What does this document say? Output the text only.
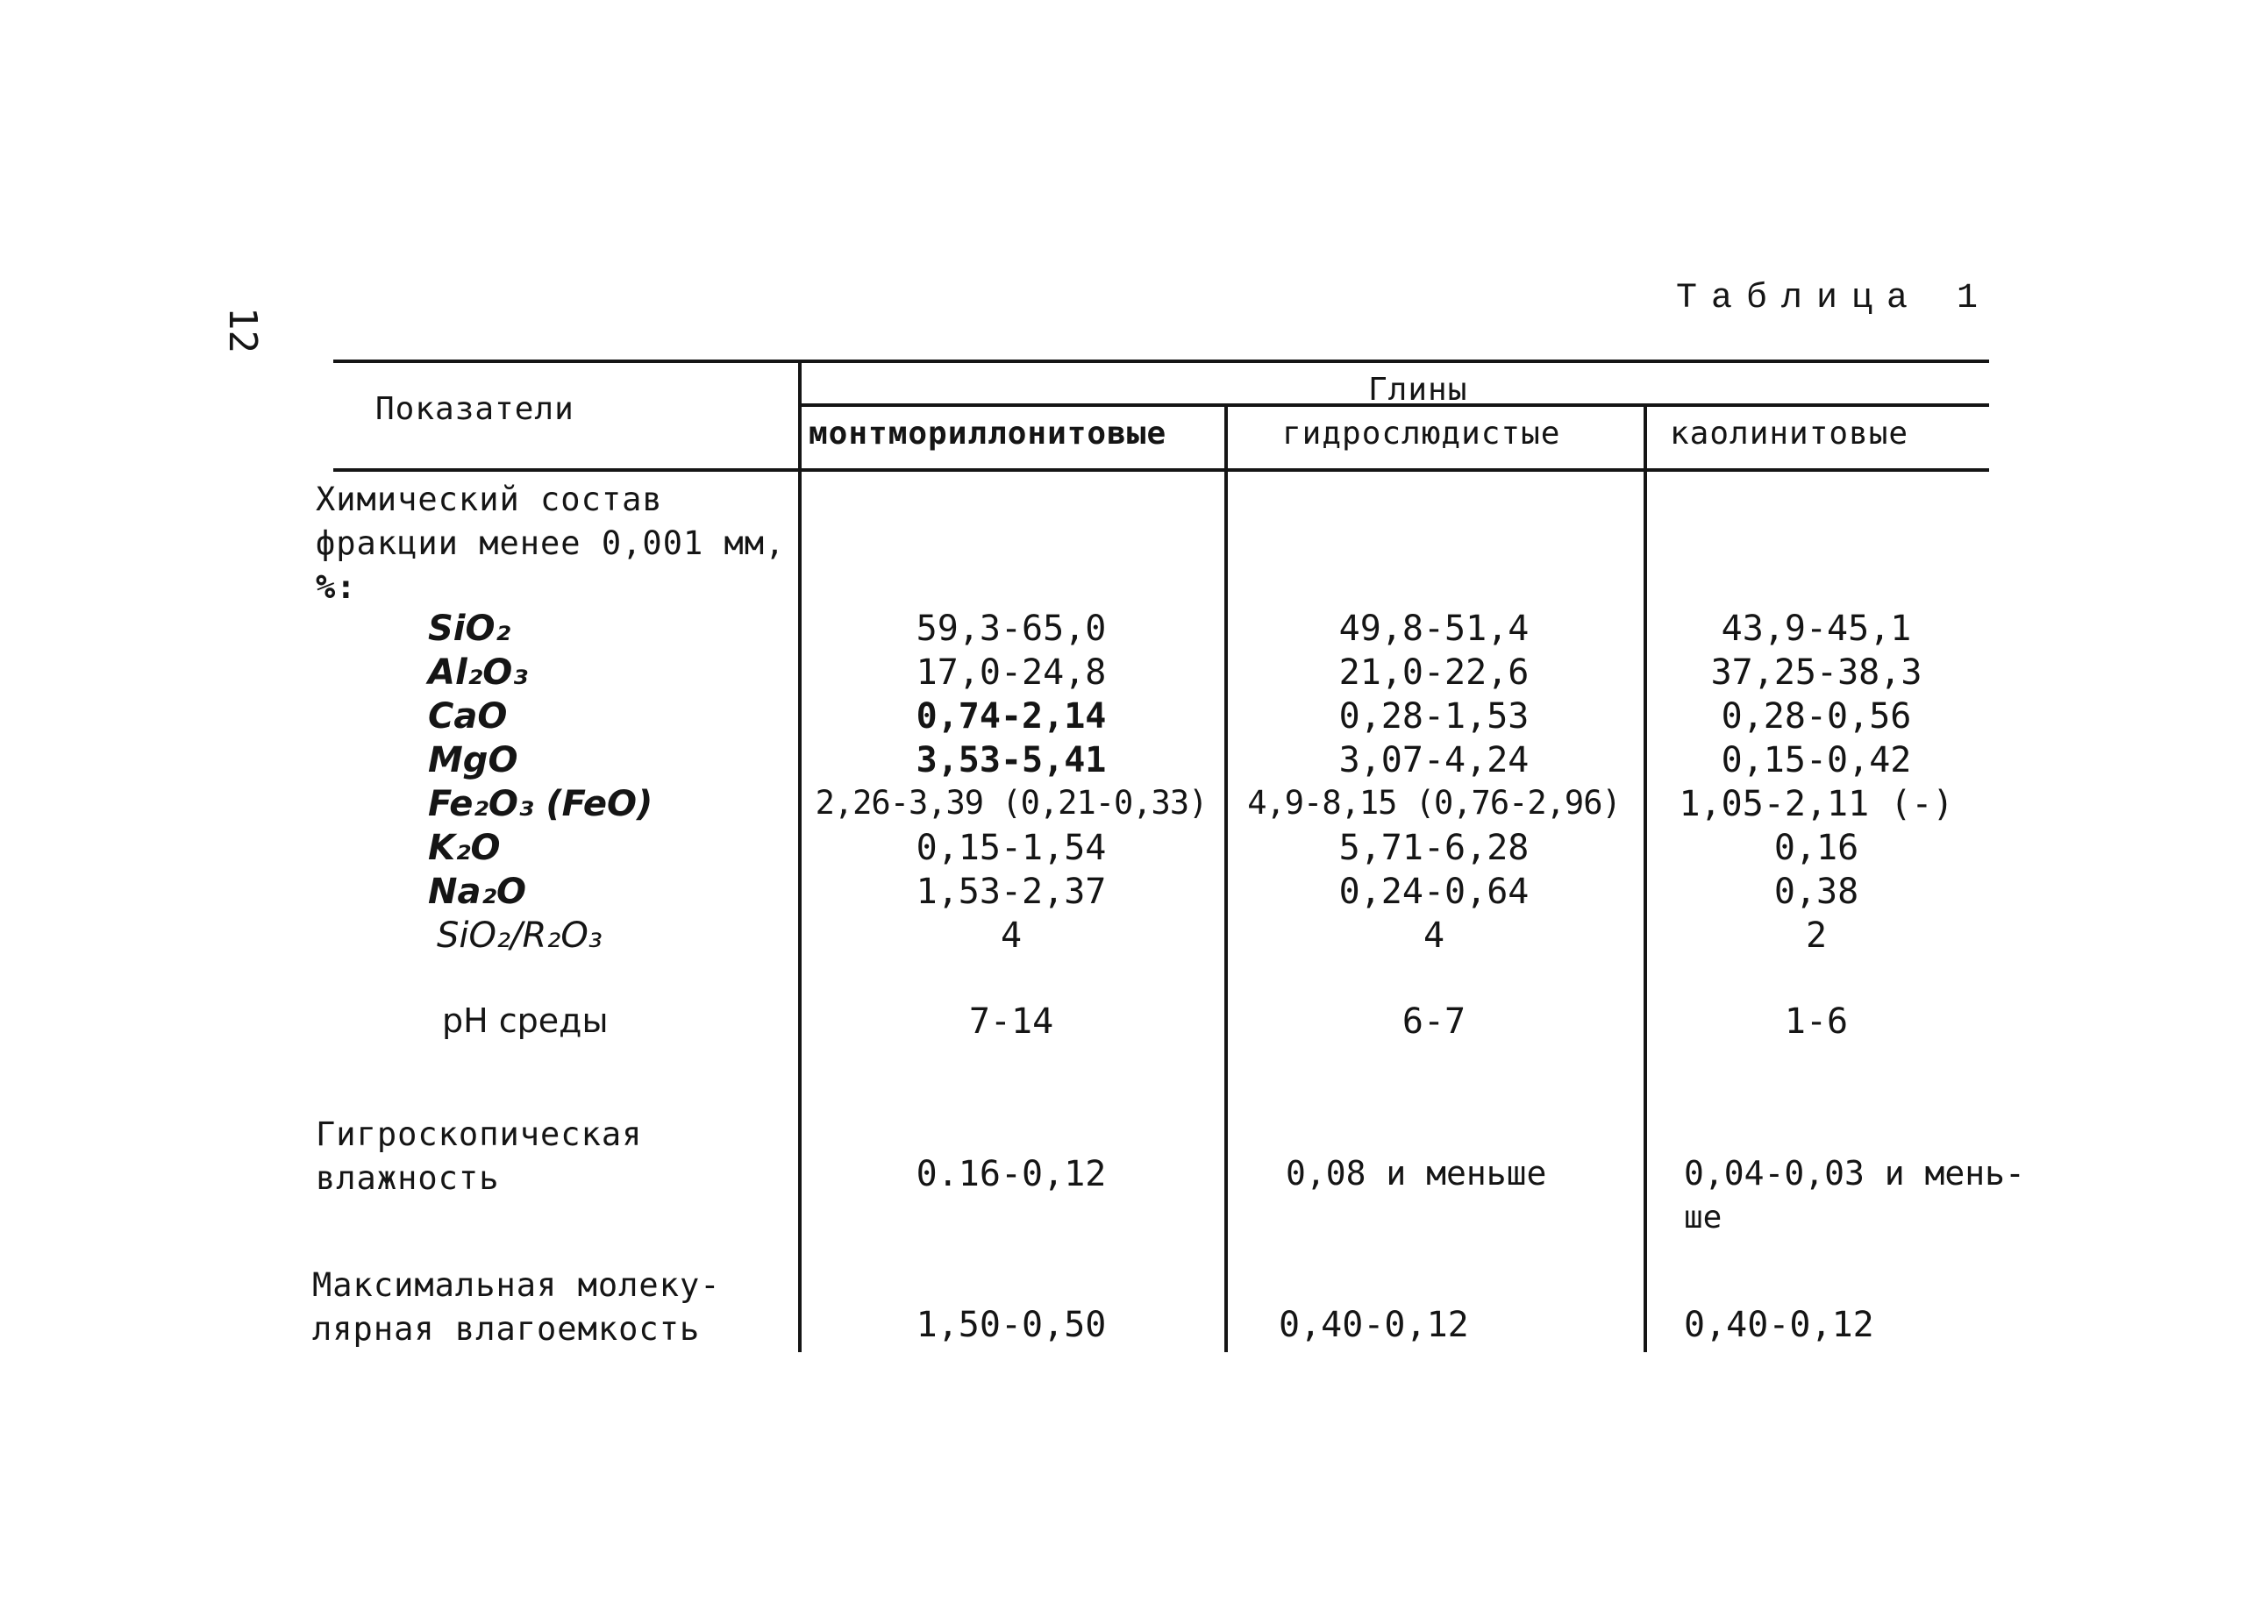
12
Таблица 1
Показатели
Глины
монтмориллонитовые	гидрослюдистые	каолинитовые
Химический состав
фракции менее 0,001 мм,
%:
SiO₂	59,3-65,0	49,8-51,4	43,9-45,1
Al₂O₃	17,0-24,8	21,0-22,6	37,25-38,3
CaO	0,74-2,14	0,28-1,53	0,28-0,56
MgO	3,53-5,41	3,07-4,24	0,15-0,42
Fe₂O₃ (FeO)	2,26-3,39 (0,21-0,33)	4,9-8,15 (0,76-2,96)	1,05-2,11 (-)
K₂O	0,15-1,54	5,71-6,28	0,16
Na₂O	1,53-2,37	0,24-0,64	0,38
SiO₂/R₂O₃	4	4	2
pH среды	7-14	6-7	1-6
Гигроскопическая
влажность	0.16-0,12	0,08 и меньше	0,04-0,03 и мень-
ше
Максимальная молеку-
лярная влагоемкость	1,50-0,50	0,40-0,12	0,40-0,12
